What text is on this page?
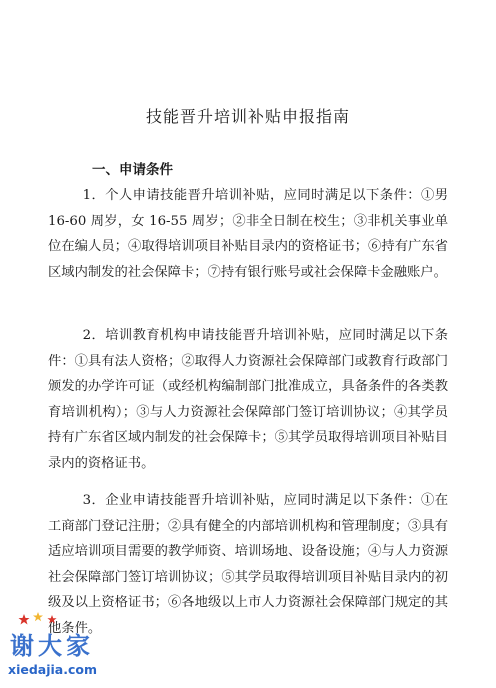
技能晋升培训补贴申报指南
一、申请条件

1．个人申请技能晋升培训补贴，应同时满足以下条件：①男 16-60 周岁，女 16-55 周岁；②非全日制在校生；③非机关事业单位在编人员；④取得培训项目补贴目录内的资格证书；⑥持有广东省区域内制发的社会保障卡；⑦持有银行账号或社会保障卡金融账户。

2．培训教育机构申请技能晋升培训补贴，应同时满足以下条件：①具有法人资格；②取得人力资源社会保障部门或教育行政部门颁发的办学许可证（或经机构编制部门批准成立，具备条件的各类教育培训机构）；③与人力资源社会保障部门签订培训协议；④其学员持有广东省区域内制发的社会保障卡；⑤其学员取得培训项目补贴目录内的资格证书。

3．企业申请技能晋升培训补贴，应同时满足以下条件：①在工商部门登记注册；②具有健全的内部培训机构和管理制度；③具有适应培训项目需要的教学师资、培训场地、设备设施；④与人力资源社会保障部门签订培训协议；⑤其学员取得培训项目补贴目录内的初级及以上资格证书；⑥各地级以上市人力资源社会保障部门规定的其他条件。

谢大家
xiedajia.com
